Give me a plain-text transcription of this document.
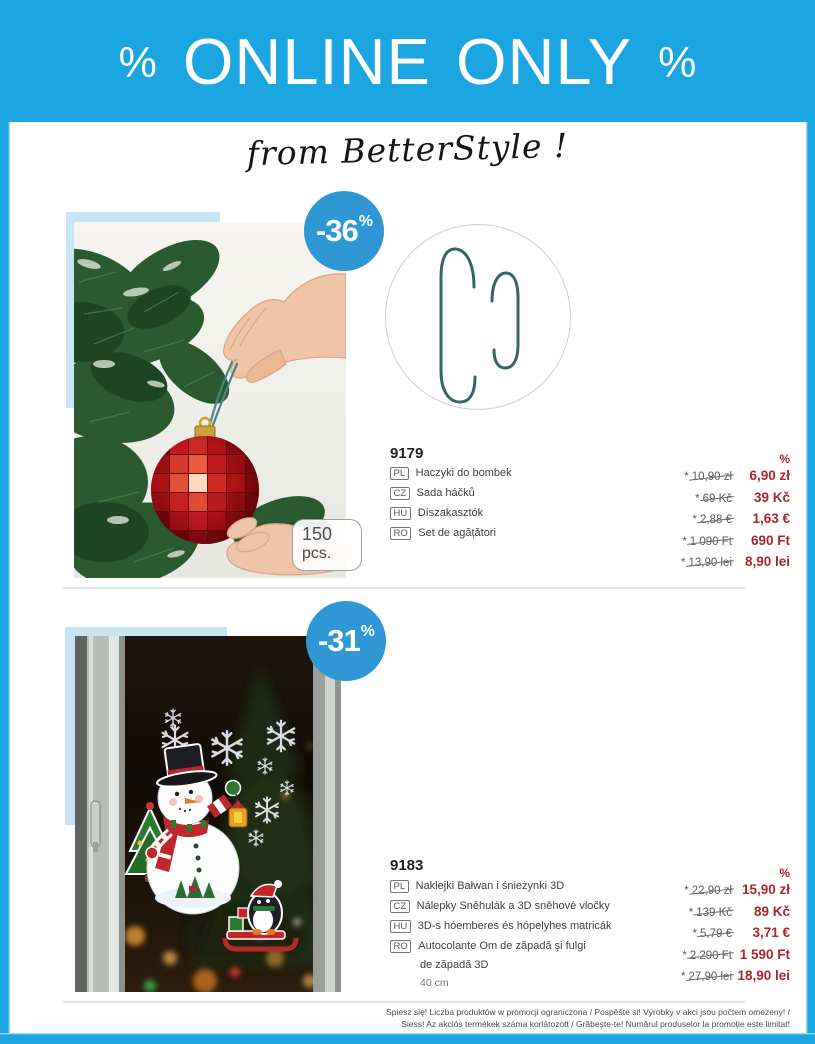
% ONLINE ONLY %
from BetterStyle !
-36 %
150
pcs.
9179
PL Haczyki do bombek
CZ Sada háčků
HU Díszakasztók
RO Set de agățători
%
* 10,90 zł	6,90 zł
* 69 Kč	39 Kč
* 2,88 €	1,63 €
* 1 090 Ft	690 Ft
* 13,90 lei 8,90 lei
-31 %
9183
PL Naklejki Bałwan i śnieżynki 3D
CZ Nálepky Sněhulák a 3D sněhové vločky
HU 3D-s hóemberes és hópelyhes matricák
RO Autocolante Om de zăpadă şi fulgi
de zăpadă 3D
40 cm
%
* 22,90 zł 15,90 zł
* 139 Kč	89 Kč
* 5,79 €	3,71 €
* 2 290 Ft 1 590 Ft
* 27,90 lei 18,90 lei
Spiesz się! Liczba produktów w promocji ograniczona / Pospěšte si! Výrobky v akci jsou počtem omezeny! /
Siess! Az akciós termékek száma korlátozott / Grăbește-te! Numărul produselor la promoție este limitat!
